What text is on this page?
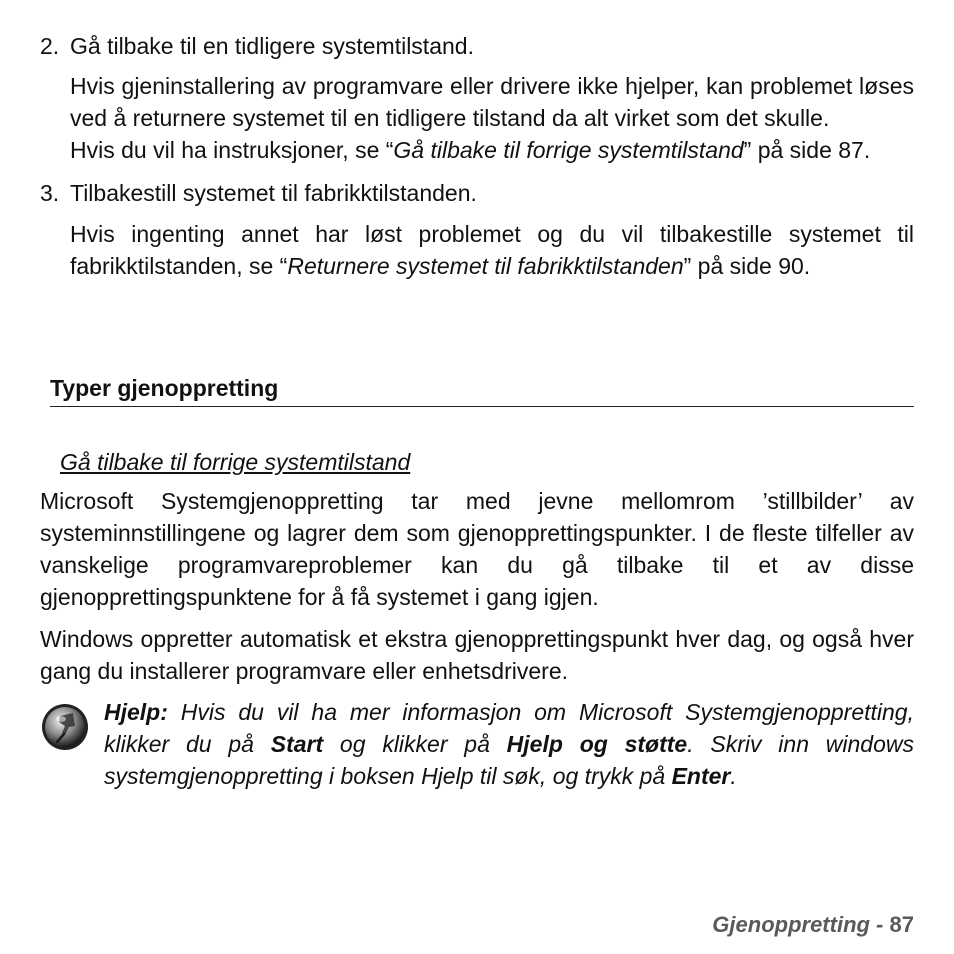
2. Gå tilbake til en tidligere systemtilstand.

Hvis gjeninstallering av programvare eller drivere ikke hjelper, kan problemet løses ved å returnere systemet til en tidligere tilstand da alt virket som det skulle.

Hvis du vil ha instruksjoner, se “Gå tilbake til forrige systemtilstand” på side 87.

3. Tilbakestill systemet til fabrikktilstanden.

Hvis ingenting annet har løst problemet og du vil tilbakestille systemet til fabrikktilstanden, se “Returnere systemet til fabrikktilstanden” på side 90.

Typer gjenoppretting
Gå tilbake til forrige systemtilstand

Microsoft Systemgjenoppretting tar med jevne mellomrom ’stillbilder’ av systeminnstillingene og lagrer dem som gjenopprettingspunkter. I de fleste tilfeller av vanskelige programvareproblemer kan du gå tilbake til et av disse gjenopprettingspunktene for å få systemet i gang igjen.

Windows oppretter automatisk et ekstra gjenopprettingspunkt hver dag, og også hver gang du installerer programvare eller enhetsdrivere.

Hjelp: Hvis du vil ha mer informasjon om Microsoft Systemgjenoppretting, klikker du på Start og klikker på Hjelp og støtte. Skriv inn windows systemgjenoppretting i boksen Hjelp til søk, og trykk på Enter.
Gjenoppretting - 87
